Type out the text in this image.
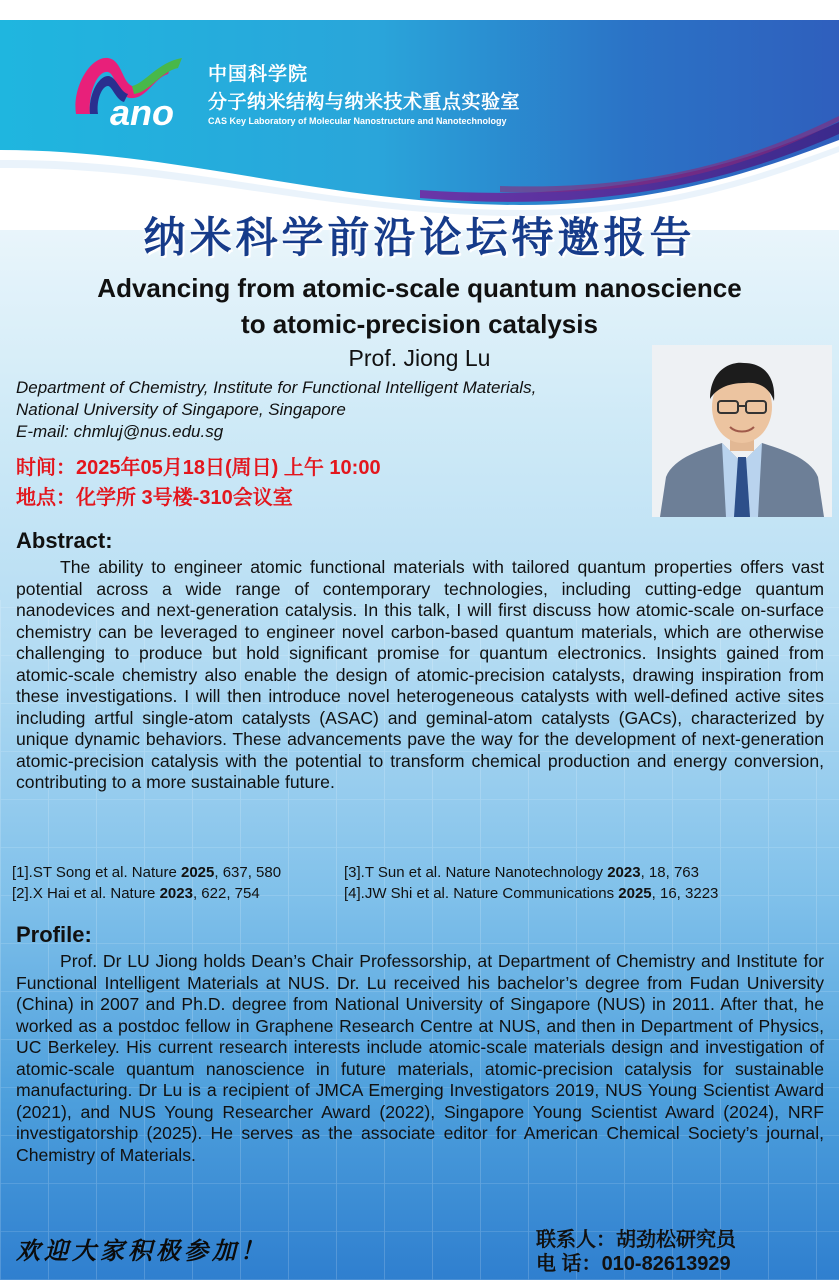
ano
中国科学院
分子纳米结构与纳米技术重点实验室
CAS Key Laboratory of Molecular Nanostructure and Nanotechnology
纳米科学前沿论坛特邀报告
Advancing from atomic-scale quantum nanoscience
to atomic-precision catalysis
Prof. Jiong Lu
Department of Chemistry, Institute for Functional Intelligent Materials,
National University of Singapore, Singapore
E-mail: chmluj@nus.edu.sg
时间：2025年05月18日(周日) 上午 10:00
地点：化学所 3号楼-310会议室
Abstract:

The ability to engineer atomic functional materials with tailored quantum properties offers vast potential across a wide range of contemporary technologies, including cutting-edge quantum nanodevices and next-generation catalysis. In this talk, I will first discuss how atomic-scale on-surface chemistry can be leveraged to engineer novel carbon-based quantum materials, which are otherwise challenging to produce but hold significant promise for quantum electronics. Insights gained from atomic-scale chemistry also enable the design of atomic-precision catalysts, drawing inspiration from these investigations. I will then introduce novel heterogeneous catalysts with well-defined active sites including artful single-atom catalysts (ASAC) and geminal-atom catalysts (GACs), characterized by unique dynamic behaviors. These advancements pave the way for the development of next-generation atomic-precision catalysis with the potential to transform chemical production and energy conversion, contributing to a more sustainable future.

[1].ST Song et al. Nature 2025, 637, 580
[2].X Hai et al. Nature 2023, 622, 754
[3].T Sun et al. Nature Nanotechnology 2023, 18, 763
[4].JW Shi et al. Nature Communications 2025, 16, 3223
Profile:

Prof. Dr LU Jiong holds Dean’s Chair Professorship, at Department of Chemistry and Institute for Functional Intelligent Materials at NUS. Dr. Lu received his bachelor’s degree from Fudan University (China) in 2007 and Ph.D. degree from National University of Singapore (NUS) in 2011. After that, he worked as a postdoc fellow in Graphene Research Centre at NUS, and then in Department of Physics, UC Berkeley. His current research interests include atomic-scale materials design and investigation of atomic-scale quantum nanoscience in future materials, atomic-precision catalysis for sustainable manufacturing. Dr Lu is a recipient of JMCA Emerging Investigators 2019, NUS Young Scientist Award (2021), and NUS Young Researcher Award (2022), Singapore Young Scientist Award (2024), NRF investigatorship (2025). He serves as the associate editor for American Chemical Society’s journal, Chemistry of Materials.

欢迎大家积极参加！	联系人：胡劲松研究员
电 话：010-82613929
